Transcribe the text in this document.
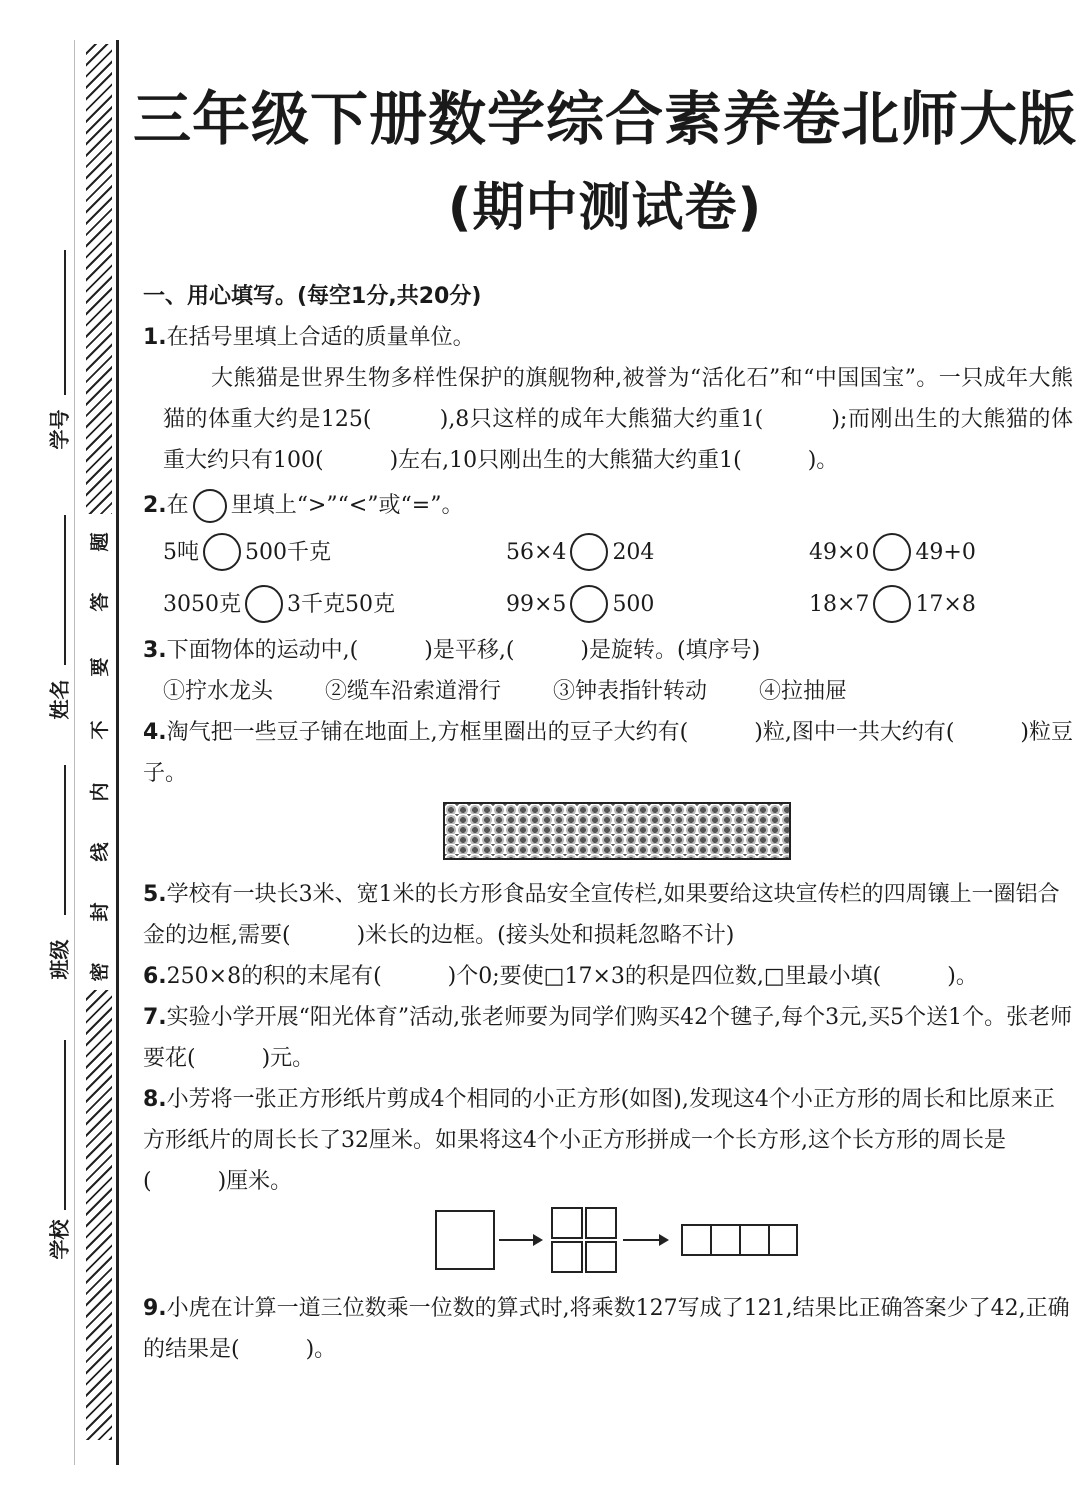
学号
姓名
班级
学校
题
答
要
不
内
线
封
密
三年级下册数学综合素养卷北师大版
(期中测试卷)
一、用心填写。(每空1分,共20分)
1.在括号里填上合适的质量单位。
大熊猫是世界生物多样性保护的旗舰物种,被誉为“活化石”和“中国国宝”。一只成年大熊猫的体重大约是125(　　　),8只这样的成年大熊猫大约重1(　　　);而刚出生的大熊猫的体重大约只有100(　　　)左右,10只刚出生的大熊猫大约重1(　　　)。
2.在 里填上“>”“<”或“=”。
5吨 500千克	56×4 204	49×0 49+0
3050克 3千克50克	99×5 500	18×7 17×8
3.下面物体的运动中,(　　　)是平移,(　　　)是旋转。(填序号)
①拧水龙头 ②缆车沿索道滑行 ③钟表指针转动 ④拉抽屉
4.淘气把一些豆子铺在地面上,方框里圈出的豆子大约有(　　　)粒,图中一共大约有(　　　)粒豆子。
5.学校有一块长3米、宽1米的长方形食品安全宣传栏,如果要给这块宣传栏的四周镶上一圈铝合金的边框,需要(　　　)米长的边框。(接头处和损耗忽略不计)
6.250×8的积的末尾有(　　　)个0;要使□17×3的积是四位数,□里最小填(　　　)。
7.实验小学开展“阳光体育”活动,张老师要为同学们购买42个毽子,每个3元,买5个送1个。张老师要花(　　　)元。
8.小芳将一张正方形纸片剪成4个相同的小正方形(如图),发现这4个小正方形的周长和比原来正方形纸片的周长长了32厘米。如果将这4个小正方形拼成一个长方形,这个长方形的周长是(　　　)厘米。
9.小虎在计算一道三位数乘一位数的算式时,将乘数127写成了121,结果比正确答案少了42,正确的结果是(　　　)。
